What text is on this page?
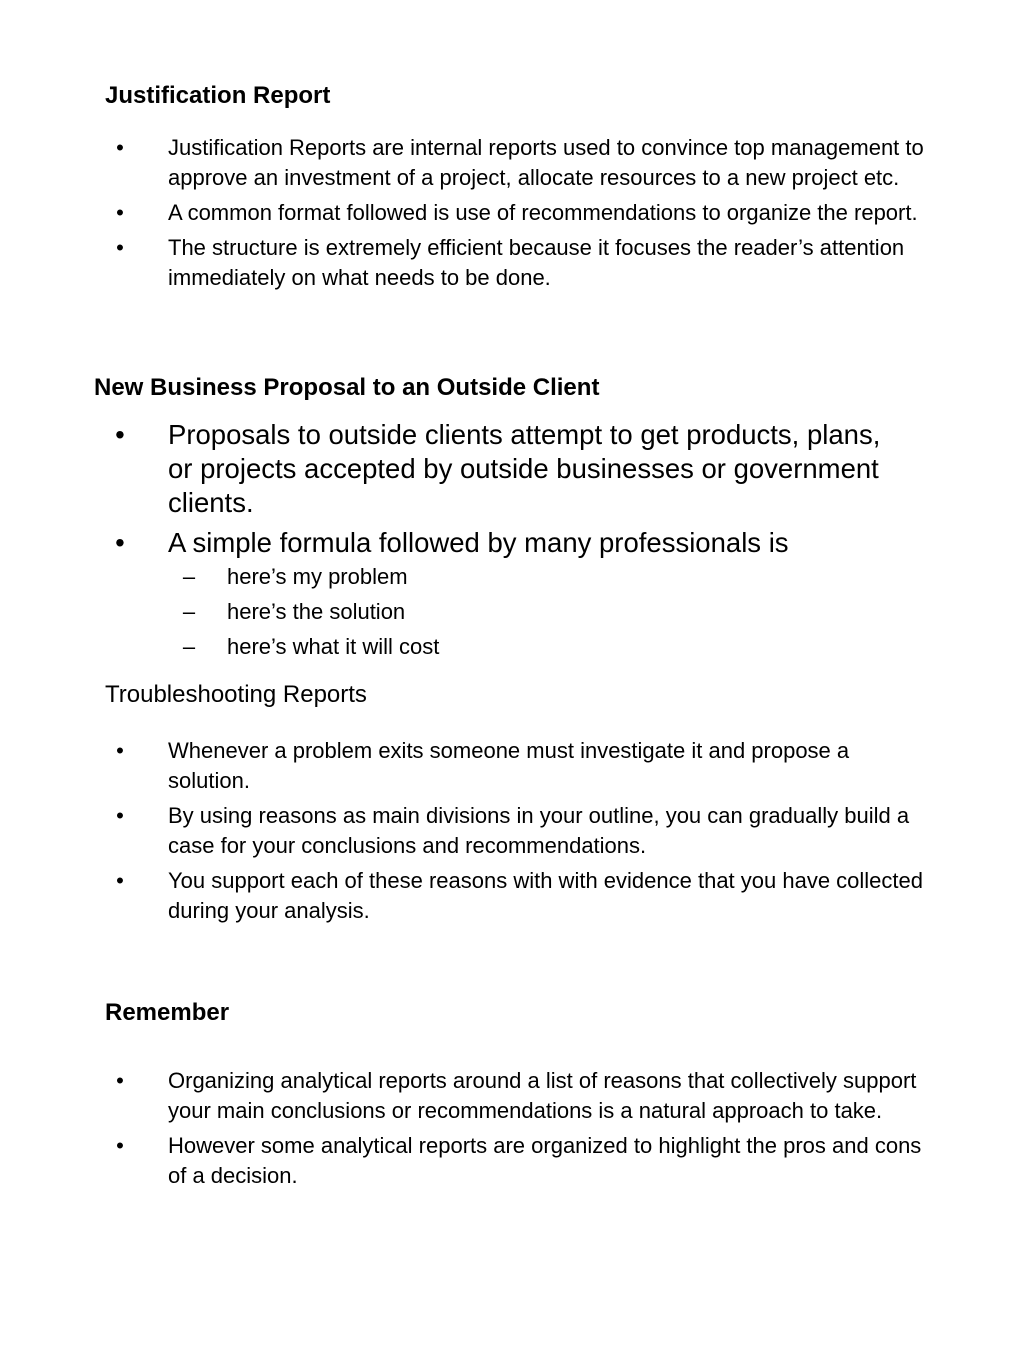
Justification Report
• Justification Reports are internal reports used to convince top management to approve an investment of a project, allocate resources to a new project etc.
• A common format followed is use of recommendations to organize the report.
• The structure is extremely efficient because it focuses the reader’s attention immediately on what needs to be done.
New Business Proposal to an Outside Client
• Proposals to outside clients attempt to get products, plans, or projects accepted by outside businesses or government clients.
• A simple formula followed by many professionals is
– here’s my problem
– here’s the solution
– here’s what it will cost
Troubleshooting Reports
• Whenever a problem exits someone must investigate it and propose a solution.
• By using reasons as main divisions in your outline, you can gradually build a case for your conclusions and recommendations.
• You support each of these reasons with with evidence that you have collected during your analysis.
Remember
• Organizing analytical reports around a list of reasons that collectively support your main conclusions or recommendations is a natural approach to take.
• However some analytical reports are organized to highlight the pros and cons of a decision.
